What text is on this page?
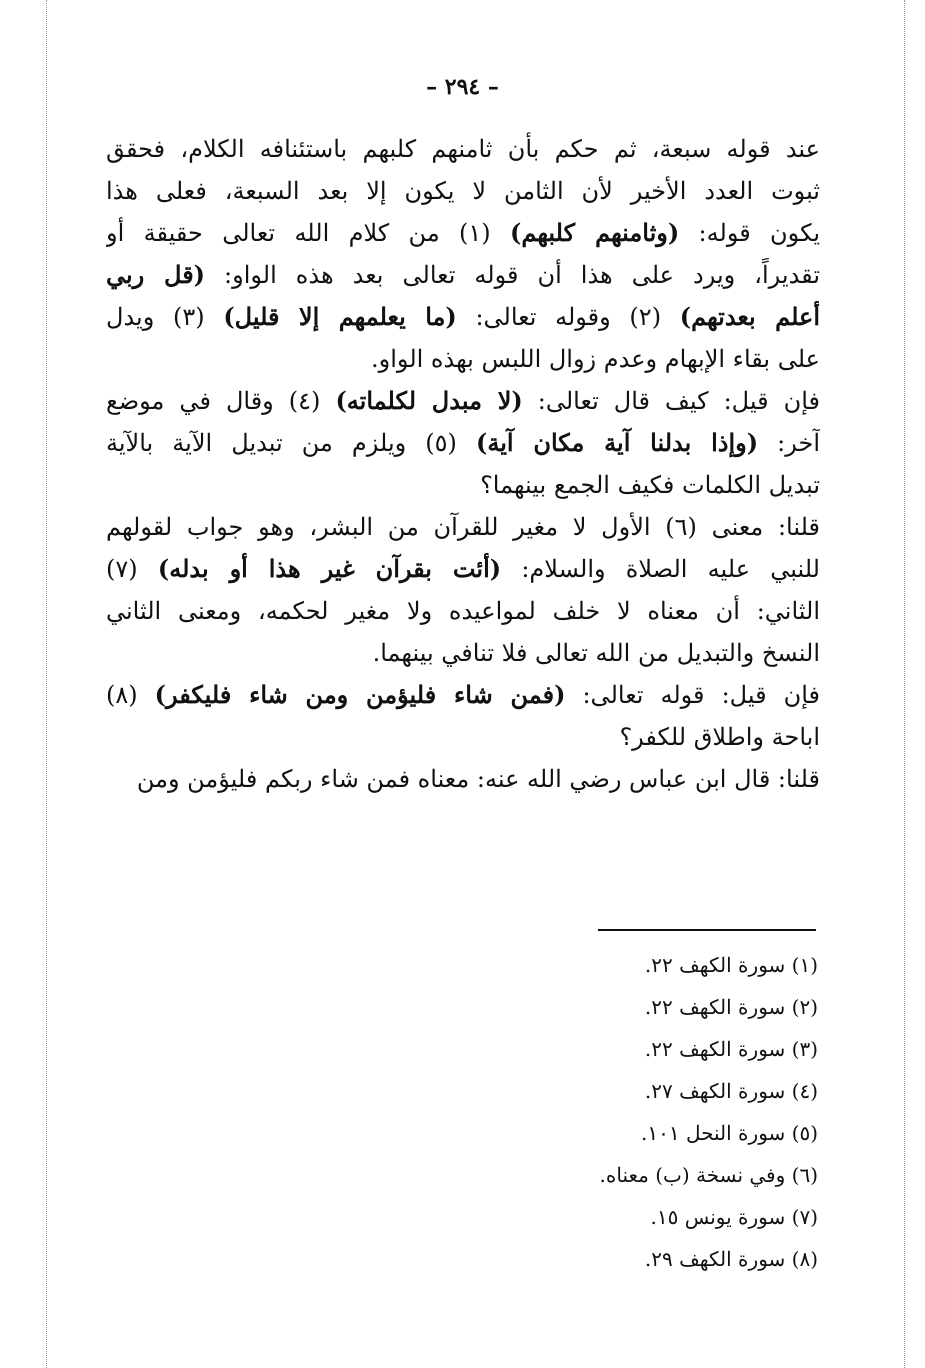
– ٢٩٤ –
عند قوله سبعة، ثم حكم بأن ثامنهم كلبهم باستئنافه الكلام، فحقق
ثبوت العدد الأخير لأن الثامن لا يكون إلا بعد السبعة، فعلى هذا
يكون قوله: (وثامنهم كلبهم) (١) من كلام الله تعالى حقيقة أو
تقديراً، ويرد على هذا أن قوله تعالى بعد هذه الواو: (قل ربي
أعلم بعدتهم) (٢) وقوله تعالى: (ما يعلمهم إلا قليل) (٣) ويدل
على بقاء الإبهام وعدم زوال اللبس بهذه الواو.
فإن قيل: كيف قال تعالى: (لا مبدل لكلماته) (٤) وقال في موضع
آخر: (وإذا بدلنا آية مكان آية) (٥) ويلزم من تبديل الآية بالآية
تبديل الكلمات فكيف الجمع بينهما؟
قلنا: معنى (٦) الأول لا مغير للقرآن من البشر، وهو جواب لقولهم
للنبي عليه الصلاة والسلام: (أئت بقرآن غير هذا أو بدله) (٧)
الثاني: أن معناه لا خلف لمواعيده ولا مغير لحكمه، ومعنى الثاني
النسخ والتبديل من الله تعالى فلا تنافي بينهما.
فإن قيل: قوله تعالى: (فمن شاء فليؤمن ومن شاء فليكفر) (٨)
اباحة واطلاق للكفر؟
قلنا: قال ابن عباس رضي الله عنه: معناه فمن شاء ربكم فليؤمن ومن
(١) سورة الكهف ٢٢.
(٢) سورة الكهف ٢٢.
(٣) سورة الكهف ٢٢.
(٤) سورة الكهف ٢٧.
(٥) سورة النحل ١٠١.
(٦) وفي نسخة (ب) معناه.
(٧) سورة يونس ١٥.
(٨) سورة الكهف ٢٩.
